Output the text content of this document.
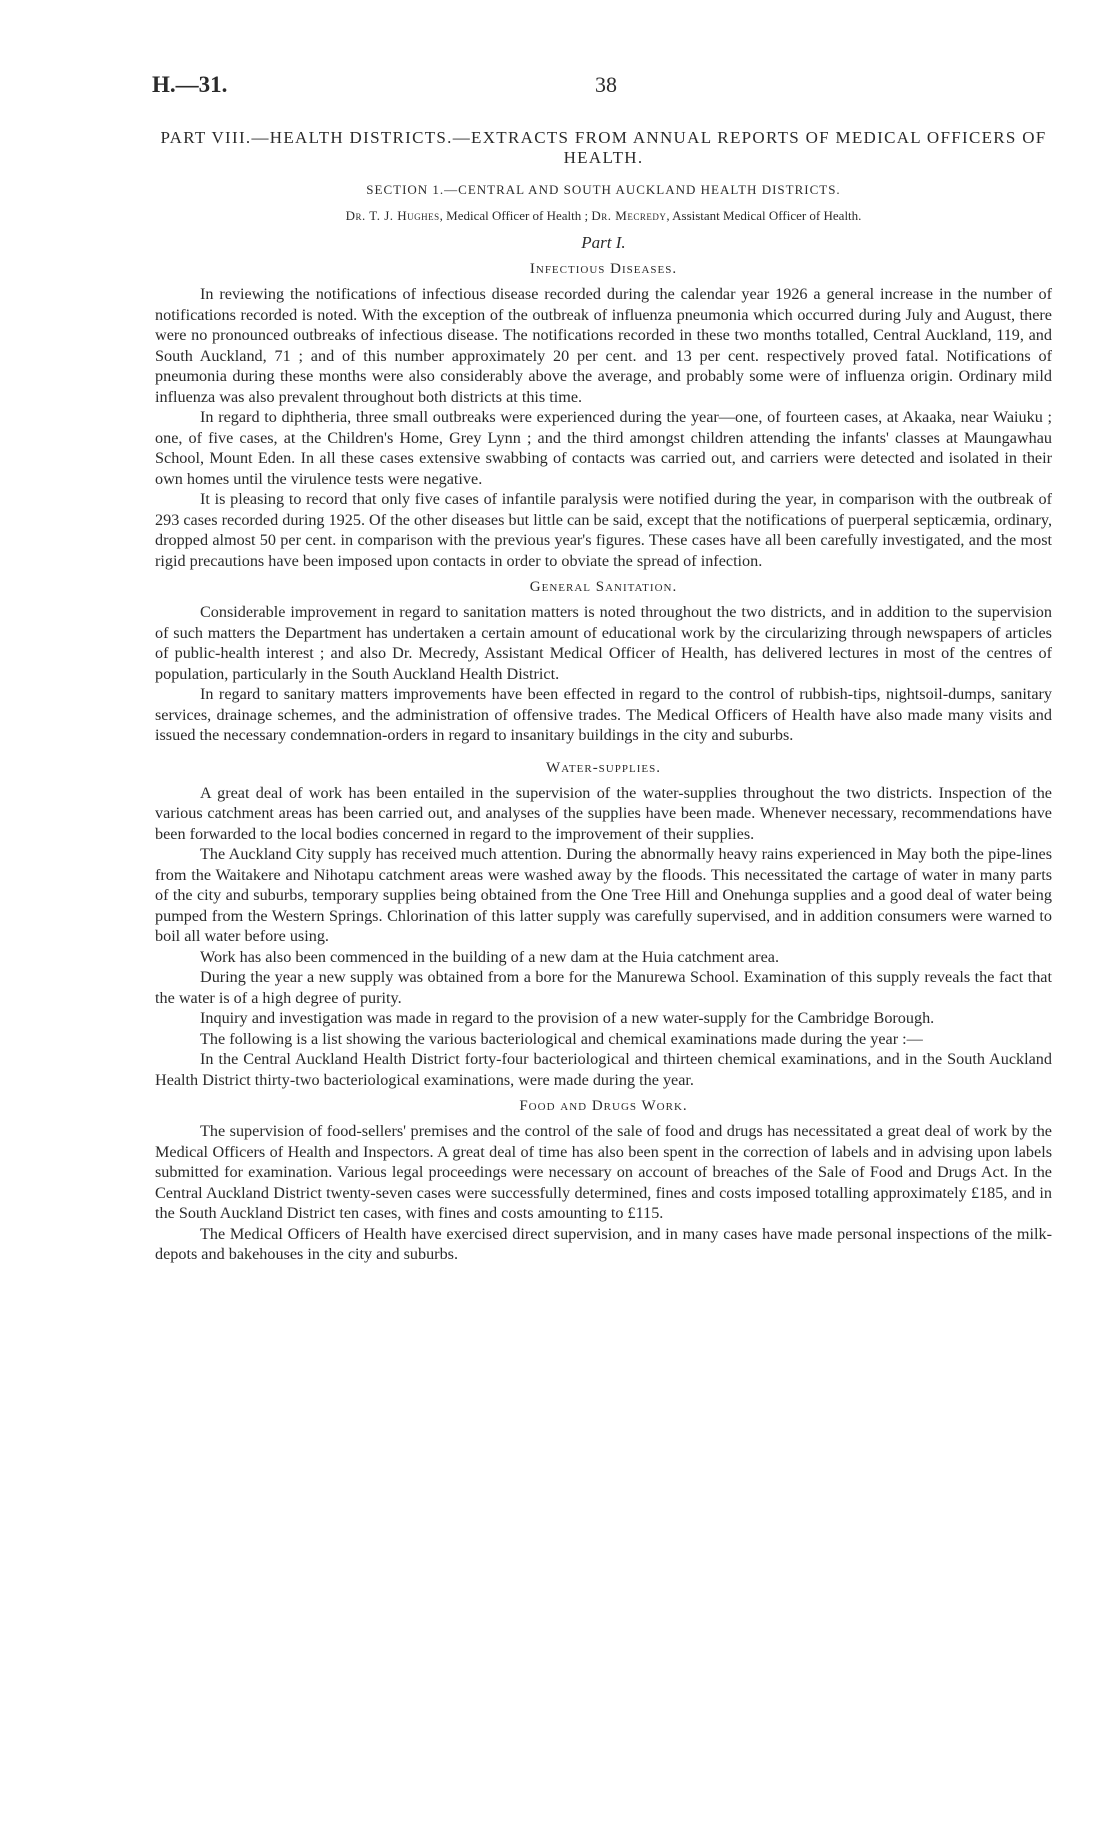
H.—31.	38
PART VIII.—HEALTH DISTRICTS.—EXTRACTS FROM ANNUAL REPORTS OF MEDICAL OFFICERS OF HEALTH.
SECTION 1.—CENTRAL AND SOUTH AUCKLAND HEALTH DISTRICTS.
Dr. T. J. Hughes, Medical Officer of Health ; Dr. Mecredy, Assistant Medical Officer of Health.
Part I.
Infectious Diseases.

In reviewing the notifications of infectious disease recorded during the calendar year 1926 a general increase in the number of notifications recorded is noted. With the exception of the outbreak of influenza pneumonia which occurred during July and August, there were no pronounced outbreaks of infectious disease. The notifications recorded in these two months totalled, Central Auckland, 119, and South Auckland, 71 ; and of this number approximately 20 per cent. and 13 per cent. respectively proved fatal. Notifications of pneumonia during these months were also considerably above the average, and probably some were of influenza origin. Ordinary mild influenza was also prevalent throughout both districts at this time.

In regard to diphtheria, three small outbreaks were experienced during the year—one, of fourteen cases, at Akaaka, near Waiuku ; one, of five cases, at the Children's Home, Grey Lynn ; and the third amongst children attending the infants' classes at Maungawhau School, Mount Eden. In all these cases extensive swabbing of contacts was carried out, and carriers were detected and isolated in their own homes until the virulence tests were negative.

It is pleasing to record that only five cases of infantile paralysis were notified during the year, in comparison with the outbreak of 293 cases recorded during 1925. Of the other diseases but little can be said, except that the notifications of puerperal septicæmia, ordinary, dropped almost 50 per cent. in comparison with the previous year's figures. These cases have all been carefully investigated, and the most rigid precautions have been imposed upon contacts in order to obviate the spread of infection.

General Sanitation.

Considerable improvement in regard to sanitation matters is noted throughout the two districts, and in addition to the supervision of such matters the Department has undertaken a certain amount of educational work by the circularizing through newspapers of articles of public-health interest ; and also Dr. Mecredy, Assistant Medical Officer of Health, has delivered lectures in most of the centres of population, particularly in the South Auckland Health District.

In regard to sanitary matters improvements have been effected in regard to the control of rubbish-tips, nightsoil-dumps, sanitary services, drainage schemes, and the administration of offensive trades. The Medical Officers of Health have also made many visits and issued the necessary condemnation-orders in regard to insanitary buildings in the city and suburbs.

Water-supplies.

A great deal of work has been entailed in the supervision of the water-supplies throughout the two districts. Inspection of the various catchment areas has been carried out, and analyses of the supplies have been made. Whenever necessary, recommendations have been forwarded to the local bodies concerned in regard to the improvement of their supplies.

The Auckland City supply has received much attention. During the abnormally heavy rains experienced in May both the pipe-lines from the Waitakere and Nihotapu catchment areas were washed away by the floods. This necessitated the cartage of water in many parts of the city and suburbs, temporary supplies being obtained from the One Tree Hill and Onehunga supplies and a good deal of water being pumped from the Western Springs. Chlorination of this latter supply was carefully supervised, and in addition consumers were warned to boil all water before using.

Work has also been commenced in the building of a new dam at the Huia catchment area.

During the year a new supply was obtained from a bore for the Manurewa School. Examination of this supply reveals the fact that the water is of a high degree of purity.

Inquiry and investigation was made in regard to the provision of a new water-supply for the Cambridge Borough.

The following is a list showing the various bacteriological and chemical examinations made during the year :—

In the Central Auckland Health District forty-four bacteriological and thirteen chemical examinations, and in the South Auckland Health District thirty-two bacteriological examinations, were made during the year.

Food and Drugs Work.

The supervision of food-sellers' premises and the control of the sale of food and drugs has necessitated a great deal of work by the Medical Officers of Health and Inspectors. A great deal of time has also been spent in the correction of labels and in advising upon labels submitted for examination. Various legal proceedings were necessary on account of breaches of the Sale of Food and Drugs Act. In the Central Auckland District twenty-seven cases were successfully determined, fines and costs imposed totalling approximately £185, and in the South Auckland District ten cases, with fines and costs amounting to £115.

The Medical Officers of Health have exercised direct supervision, and in many cases have made personal inspections of the milk-depots and bakehouses in the city and suburbs.
